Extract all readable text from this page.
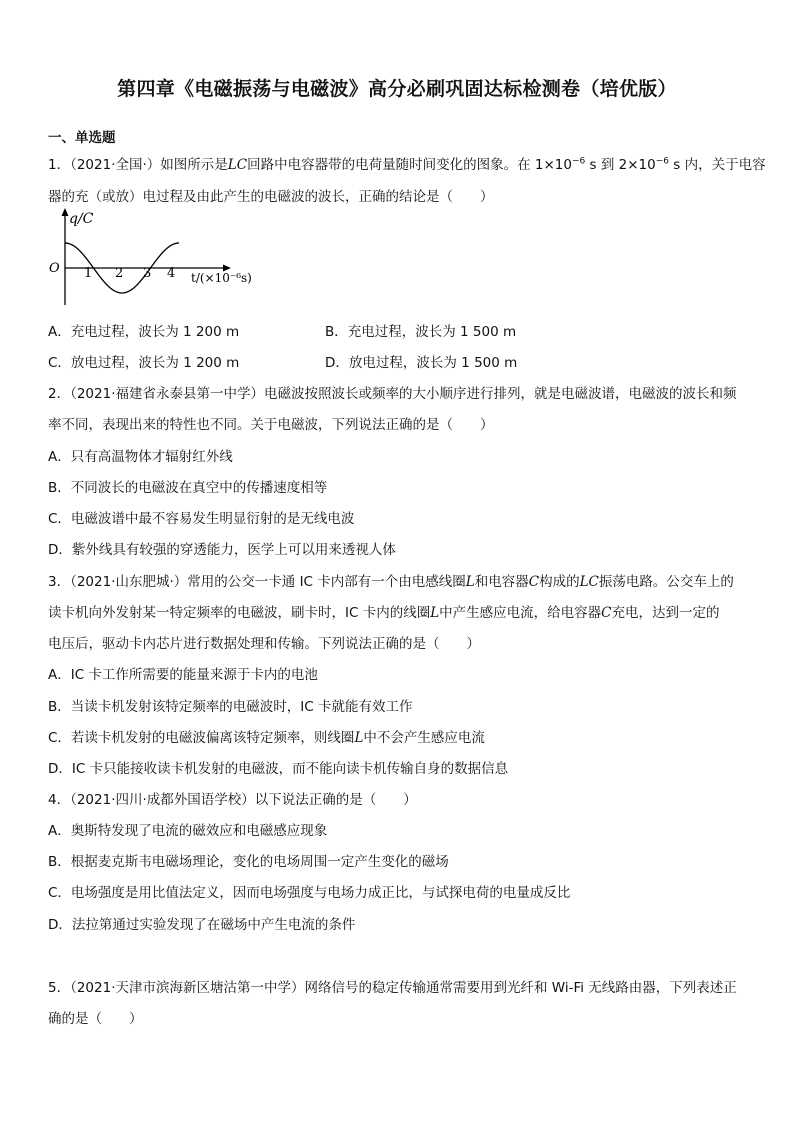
第四章《电磁振荡与电磁波》高分必刷巩固达标检测卷（培优版）
一、单选题
1．（2021·全国·）如图所示是LC回路中电容器带的电荷量随时间变化的图象。在 $1\times 10^{-6}$ s 到 $2\times 10^{-6}$ s 内，关于电容
器的充（或放）电过程及由此产生的电磁波的波长，正确的结论是（　　）
q/C
O 1 2 3 4 t/(×10⁻⁶s)
A．充电过程，波长为 1 200 m	B．充电过程，波长为 1 500 m
C．放电过程，波长为 1 200 m	D．放电过程，波长为 1 500 m
2．（2021·福建省永泰县第一中学）电磁波按照波长或频率的大小顺序进行排列，就是电磁波谱，电磁波的波长和频
率不同，表现出来的特性也不同。关于电磁波，下列说法正确的是（　　）
A．只有高温物体才辐射红外线
B．不同波长的电磁波在真空中的传播速度相等
C．电磁波谱中最不容易发生明显衍射的是无线电波
D．紫外线具有较强的穿透能力，医学上可以用来透视人体
3．（2021·山东肥城·）常用的公交一卡通 IC 卡内部有一个由电感线圈L和电容器C构成的LC振荡电路。公交车上的
读卡机向外发射某一特定频率的电磁波，刷卡时，IC 卡内的线圈L中产生感应电流，给电容器C充电，达到一定的
电压后，驱动卡内芯片进行数据处理和传输。下列说法正确的是（　　）
A．IC 卡工作所需要的能量来源于卡内的电池
B．当读卡机发射该特定频率的电磁波时，IC 卡就能有效工作
C．若读卡机发射的电磁波偏离该特定频率，则线圈L中不会产生感应电流
D．IC 卡只能接收读卡机发射的电磁波，而不能向读卡机传输自身的数据信息
4．（2021·四川·成都外国语学校）以下说法正确的是（　　）
A．奥斯特发现了电流的磁效应和电磁感应现象
B．根据麦克斯韦电磁场理论，变化的电场周围一定产生变化的磁场
C．电场强度是用比值法定义，因而电场强度与电场力成正比，与试探电荷的电量成反比
D．法拉第通过实验发现了在磁场中产生电流的条件
5．（2021·天津市滨海新区塘沽第一中学）网络信号的稳定传输通常需要用到光纤和 Wi-Fi 无线路由器，下列表述正
确的是（　　）
